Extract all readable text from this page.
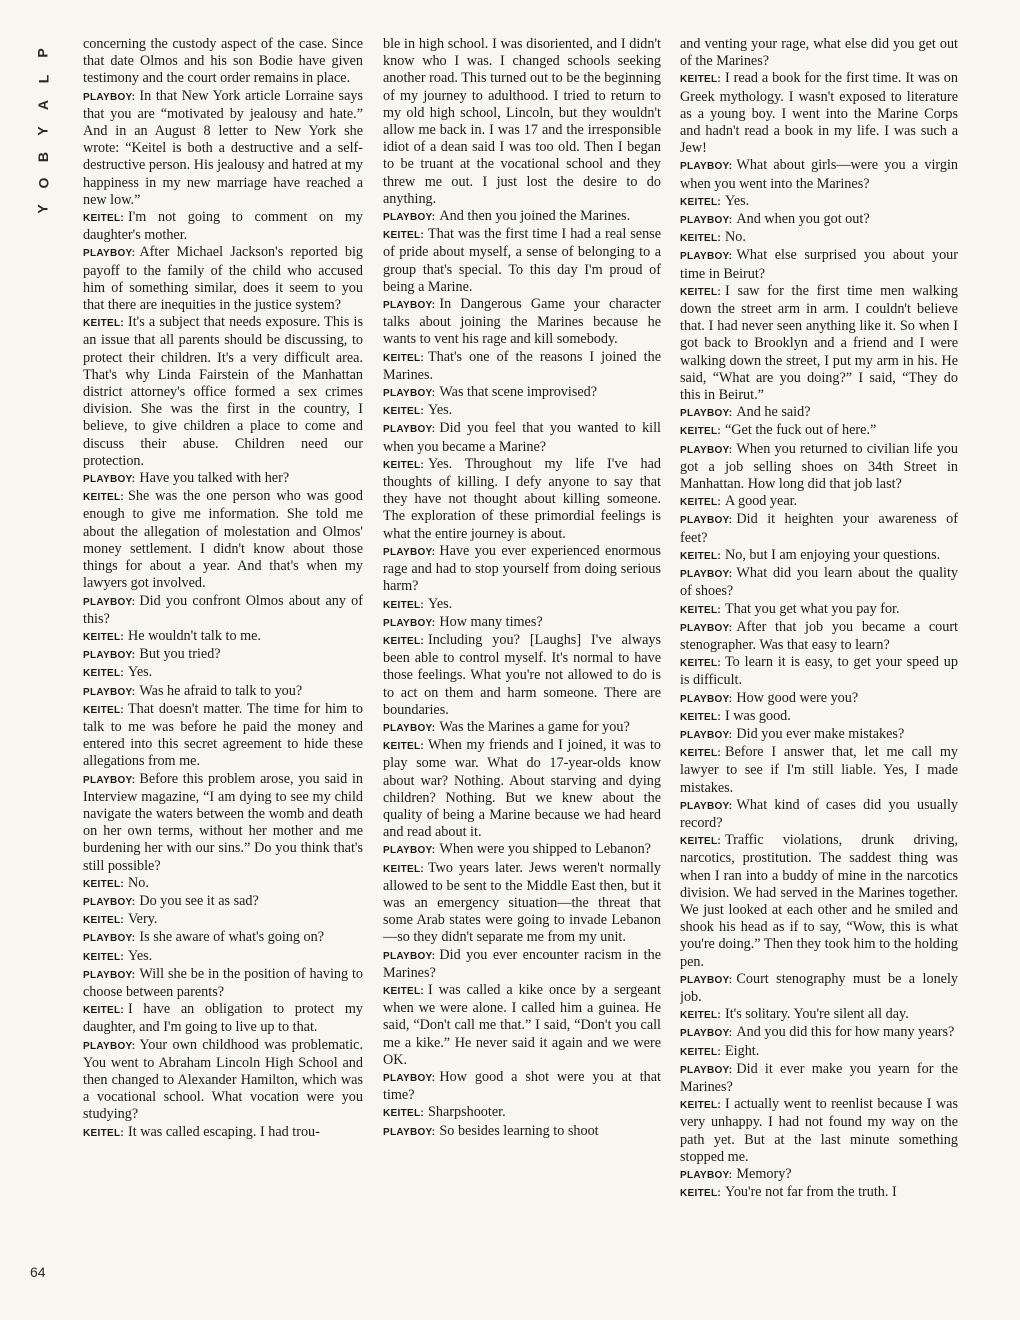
P
L
A
Y
B
O
Y
64

concerning the custody aspect of the case. Since that date Olmos and his son Bodie have given testimony and the court order remains in place.

PLAYBOY: In that New York article Lorraine says that you are “motivated by jealousy and hate.” And in an August 8 letter to New York she wrote: “Keitel is both a destructive and a self-destructive person. His jealousy and hatred at my happiness in my new marriage have reached a new low.”

KEITEL: I'm not going to comment on my daughter's mother.

PLAYBOY: After Michael Jackson's reported big payoff to the family of the child who accused him of something similar, does it seem to you that there are inequities in the justice system?

KEITEL: It's a subject that needs exposure. This is an issue that all parents should be discussing, to protect their children. It's a very difficult area. That's why Linda Fairstein of the Manhattan district attorney's office formed a sex crimes division. She was the first in the country, I believe, to give children a place to come and discuss their abuse. Children need our protection.

PLAYBOY: Have you talked with her?

KEITEL: She was the one person who was good enough to give me information. She told me about the allegation of molestation and Olmos' money settlement. I didn't know about those things for about a year. And that's when my lawyers got involved.

PLAYBOY: Did you confront Olmos about any of this?

KEITEL: He wouldn't talk to me.

PLAYBOY: But you tried?

KEITEL: Yes.

PLAYBOY: Was he afraid to talk to you?

KEITEL: That doesn't matter. The time for him to talk to me was before he paid the money and entered into this secret agreement to hide these allegations from me.

PLAYBOY: Before this problem arose, you said in Interview magazine, “I am dying to see my child navigate the waters between the womb and death on her own terms, without her mother and me burdening her with our sins.” Do you think that's still possible?

KEITEL: No.

PLAYBOY: Do you see it as sad?

KEITEL: Very.

PLAYBOY: Is she aware of what's going on?

KEITEL: Yes.

PLAYBOY: Will she be in the position of having to choose between parents?

KEITEL: I have an obligation to protect my daughter, and I'm going to live up to that.

PLAYBOY: Your own childhood was problematic. You went to Abraham Lincoln High School and then changed to Alexander Hamilton, which was a vocational school. What vocation were you studying?

KEITEL: It was called escaping. I had trou-

ble in high school. I was disoriented, and I didn't know who I was. I changed schools seeking another road. This turned out to be the beginning of my journey to adulthood. I tried to return to my old high school, Lincoln, but they wouldn't allow me back in. I was 17 and the irresponsible idiot of a dean said I was too old. Then I began to be truant at the vocational school and they threw me out. I just lost the desire to do anything.

PLAYBOY: And then you joined the Marines.

KEITEL: That was the first time I had a real sense of pride about myself, a sense of belonging to a group that's special. To this day I'm proud of being a Marine.

PLAYBOY: In Dangerous Game your character talks about joining the Marines because he wants to vent his rage and kill somebody.

KEITEL: That's one of the reasons I joined the Marines.

PLAYBOY: Was that scene improvised?

KEITEL: Yes.

PLAYBOY: Did you feel that you wanted to kill when you became a Marine?

KEITEL: Yes. Throughout my life I've had thoughts of killing. I defy anyone to say that they have not thought about killing someone. The exploration of these primordial feelings is what the entire journey is about.

PLAYBOY: Have you ever experienced enormous rage and had to stop yourself from doing serious harm?

KEITEL: Yes.

PLAYBOY: How many times?

KEITEL: Including you? [Laughs] I've always been able to control myself. It's normal to have those feelings. What you're not allowed to do is to act on them and harm someone. There are boundaries.

PLAYBOY: Was the Marines a game for you?

KEITEL: When my friends and I joined, it was to play some war. What do 17-year-olds know about war? Nothing. About starving and dying children? Nothing. But we knew about the quality of being a Marine because we had heard and read about it.

PLAYBOY: When were you shipped to Lebanon?

KEITEL: Two years later. Jews weren't normally allowed to be sent to the Middle East then, but it was an emergency situation—the threat that some Arab states were going to invade Lebanon—so they didn't separate me from my unit.

PLAYBOY: Did you ever encounter racism in the Marines?

KEITEL: I was called a kike once by a sergeant when we were alone. I called him a guinea. He said, “Don't call me that.” I said, “Don't you call me a kike.” He never said it again and we were OK.

PLAYBOY: How good a shot were you at that time?

KEITEL: Sharpshooter.

PLAYBOY: So besides learning to shoot

and venting your rage, what else did you get out of the Marines?

KEITEL: I read a book for the first time. It was on Greek mythology. I wasn't exposed to literature as a young boy. I went into the Marine Corps and hadn't read a book in my life. I was such a Jew!

PLAYBOY: What about girls—were you a virgin when you went into the Marines?

KEITEL: Yes.

PLAYBOY: And when you got out?

KEITEL: No.

PLAYBOY: What else surprised you about your time in Beirut?

KEITEL: I saw for the first time men walking down the street arm in arm. I couldn't believe that. I had never seen anything like it. So when I got back to Brooklyn and a friend and I were walking down the street, I put my arm in his. He said, “What are you doing?” I said, “They do this in Beirut.”

PLAYBOY: And he said?

KEITEL: “Get the fuck out of here.”

PLAYBOY: When you returned to civilian life you got a job selling shoes on 34th Street in Manhattan. How long did that job last?

KEITEL: A good year.

PLAYBOY: Did it heighten your awareness of feet?

KEITEL: No, but I am enjoying your questions.

PLAYBOY: What did you learn about the quality of shoes?

KEITEL: That you get what you pay for.

PLAYBOY: After that job you became a court stenographer. Was that easy to learn?

KEITEL: To learn it is easy, to get your speed up is difficult.

PLAYBOY: How good were you?

KEITEL: I was good.

PLAYBOY: Did you ever make mistakes?

KEITEL: Before I answer that, let me call my lawyer to see if I'm still liable. Yes, I made mistakes.

PLAYBOY: What kind of cases did you usually record?

KEITEL: Traffic violations, drunk driving, narcotics, prostitution. The saddest thing was when I ran into a buddy of mine in the narcotics division. We had served in the Marines together. We just looked at each other and he smiled and shook his head as if to say, “Wow, this is what you're doing.” Then they took him to the holding pen.

PLAYBOY: Court stenography must be a lonely job.

KEITEL: It's solitary. You're silent all day.

PLAYBOY: And you did this for how many years?

KEITEL: Eight.

PLAYBOY: Did it ever make you yearn for the Marines?

KEITEL: I actually went to reenlist because I was very unhappy. I had not found my way on the path yet. But at the last minute something stopped me.

PLAYBOY: Memory?

KEITEL: You're not far from the truth. I
